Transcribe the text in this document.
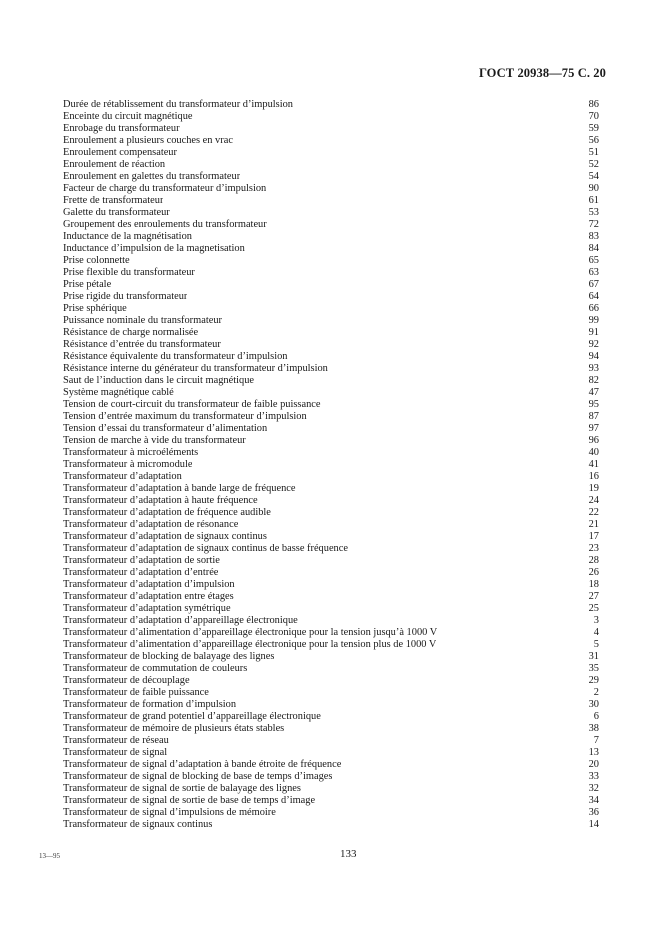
ГОСТ 20938—75 С. 20
Durée de rétablissement du transformateur d’impulsion	86
Enceinte du circuit magnétique	70
Enrobage du transformateur	59
Enroulement a plusieurs couches en vrac	56
Enroulement compensateur	51
Enroulement de réaction	52
Enroulement en galettes du transformateur	54
Facteur de charge du transformateur d’impulsion	90
Frette de transformateur	61
Galette du transformateur	53
Groupement des enroulements du transformateur	72
Inductance de la magnétisation	83
Inductance d’impulsion de la magnetisation	84
Prise colonnette	65
Prise flexible du transformateur	63
Prise pétale	67
Prise rigide du transformateur	64
Prise sphérique	66
Puissance nominale du transformateur	99
Résistance de charge normalisée	91
Résistance d’entrée du transformateur	92
Résistance équivalente du transformateur d’impulsion	94
Résistance interne du générateur du transformateur d’impulsion	93
Saut de l’induction dans le circuit magnétique	82
Système magnétique cablé	47
Tension de court-circuit du transformateur de faible puissance	95
Tension d’entrée maximum du transformateur d’impulsion	87
Tension d’essai du transformateur d’alimentation	97
Tension de marche à vide du transformateur	96
Transformateur à microéléments	40
Transformateur à micromodule	41
Transformateur d’adaptation	16
Transformateur d’adaptation à bande large de fréquence	19
Transformateur d’adaptation à haute fréquence	24
Transformateur d’adaptation de fréquence audible	22
Transformateur d’adaptation de résonance	21
Transformateur d’adaptation de signaux continus	17
Transformateur d’adaptation de signaux continus de basse fréquence	23
Transformateur d’adaptation de sortie	28
Transformateur d’adaptation d’entrée	26
Transformateur d’adaptation d’impulsion	18
Transformateur d’adaptation entre étages	27
Transformateur d’adaptation symétrique	25
Transformateur d’adaptation d’appareillage électronique	3
Transformateur d’alimentation d’appareillage électronique pour la tension jusqu’à 1000 V	4
Transformateur d’alimentation d’appareillage électronique pour la tension plus de 1000 V	5
Transformateur de blocking de balayage des lignes	31
Transformateur de commutation de couleurs	35
Transformateur de découplage	29
Transformateur de faible puissance	2
Transformateur de formation d’impulsion	30
Transformateur de grand potentiel d’appareillage électronique	6
Transformateur de mémoire de plusieurs états stables	38
Transformateur de réseau	7
Transformateur de signal	13
Transformateur de signal d’adaptation à bande étroite de fréquence	20
Transformateur de signal de blocking de base de temps d’images	33
Transformateur de signal de sortie de balayage des lignes	32
Transformateur de signal de sortie de base de temps d’image	34
Transformateur de signal d’impulsions de mémoire	36
Transformateur de signaux continus	14
13—95	133
